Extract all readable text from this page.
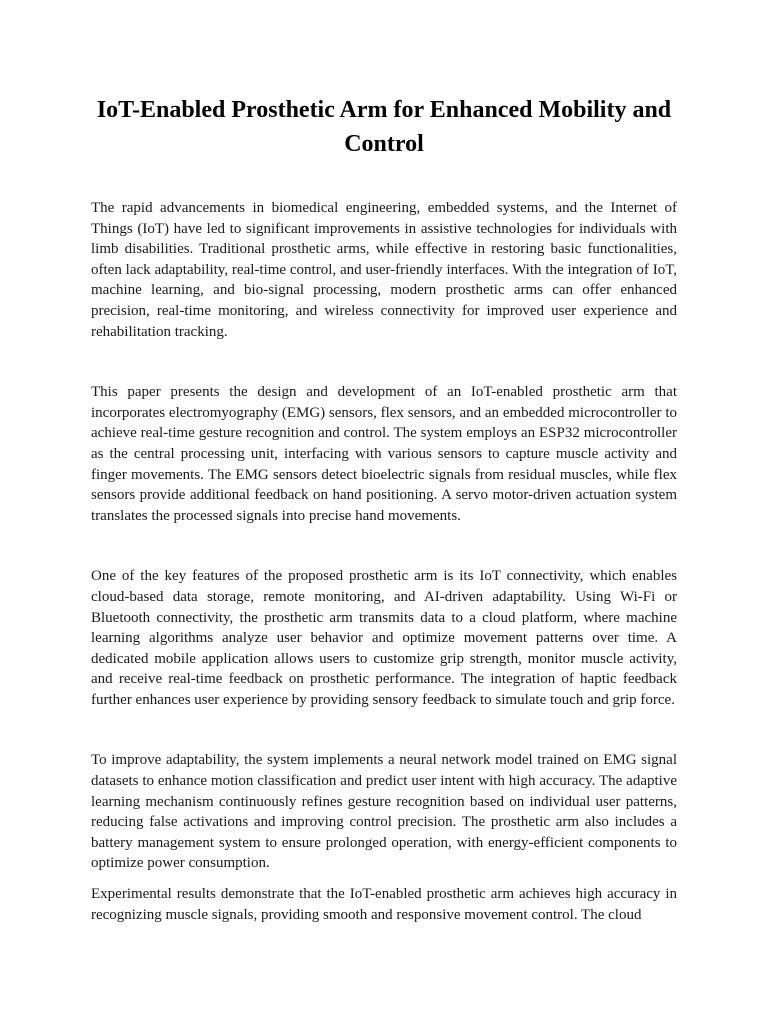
IoT-Enabled Prosthetic Arm for Enhanced Mobility and Control

The rapid advancements in biomedical engineering, embedded systems, and the Internet of Things (IoT) have led to significant improvements in assistive technologies for individuals with limb disabilities. Traditional prosthetic arms, while effective in restoring basic functionalities, often lack adaptability, real-time control, and user-friendly interfaces. With the integration of IoT, machine learning, and bio-signal processing, modern prosthetic arms can offer enhanced precision, real-time monitoring, and wireless connectivity for improved user experience and rehabilitation tracking.

This paper presents the design and development of an IoT-enabled prosthetic arm that incorporates electromyography (EMG) sensors, flex sensors, and an embedded microcontroller to achieve real-time gesture recognition and control. The system employs an ESP32 microcontroller as the central processing unit, interfacing with various sensors to capture muscle activity and finger movements. The EMG sensors detect bioelectric signals from residual muscles, while flex sensors provide additional feedback on hand positioning. A servo motor-driven actuation system translates the processed signals into precise hand movements.

One of the key features of the proposed prosthetic arm is its IoT connectivity, which enables cloud-based data storage, remote monitoring, and AI-driven adaptability. Using Wi-Fi or Bluetooth connectivity, the prosthetic arm transmits data to a cloud platform, where machine learning algorithms analyze user behavior and optimize movement patterns over time. A dedicated mobile application allows users to customize grip strength, monitor muscle activity, and receive real-time feedback on prosthetic performance. The integration of haptic feedback further enhances user experience by providing sensory feedback to simulate touch and grip force.

To improve adaptability, the system implements a neural network model trained on EMG signal datasets to enhance motion classification and predict user intent with high accuracy. The adaptive learning mechanism continuously refines gesture recognition based on individual user patterns, reducing false activations and improving control precision. The prosthetic arm also includes a battery management system to ensure prolonged operation, with energy-efficient components to optimize power consumption.

Experimental results demonstrate that the IoT-enabled prosthetic arm achieves high accuracy in recognizing muscle signals, providing smooth and responsive movement control. The cloud
